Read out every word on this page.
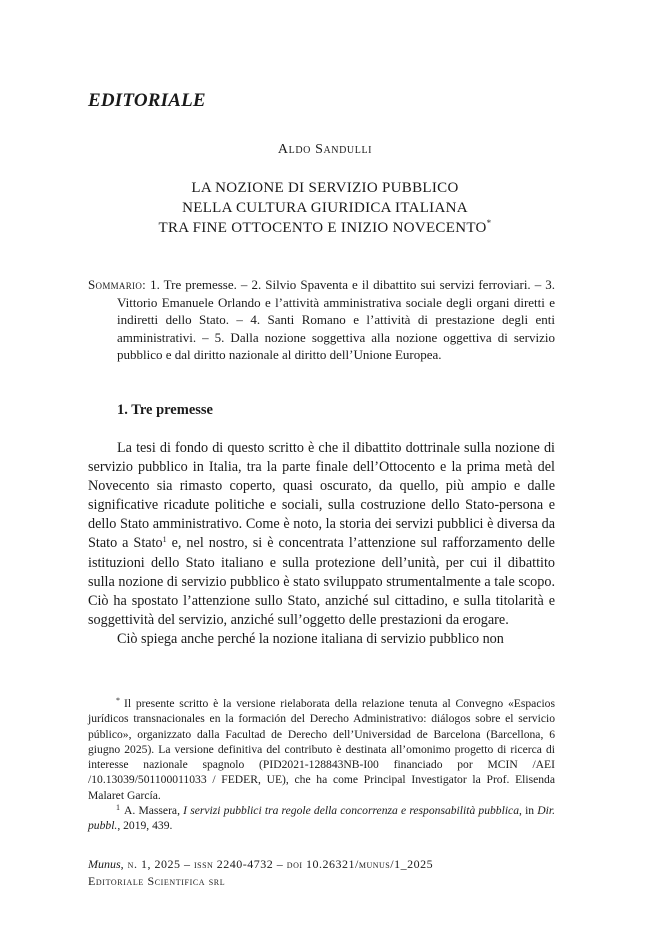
EDITORIALE
Aldo Sandulli
LA NOZIONE DI SERVIZIO PUBBLICO
NELLA CULTURA GIURIDICA ITALIANA
TRA FINE OTTOCENTO E INIZIO NOVECENTO*
Sommario: 1. Tre premesse. – 2. Silvio Spaventa e il dibattito sui servizi ferroviari. – 3. Vittorio Emanuele Orlando e l’attività amministrativa sociale degli organi diretti e indiretti dello Stato. – 4. Santi Romano e l’attività di prestazione degli enti amministrativi. – 5. Dalla nozione soggettiva alla nozione oggettiva di servizio pubblico e dal diritto nazionale al diritto dell’Unione Europea.
1. Tre premesse

La tesi di fondo di questo scritto è che il dibattito dottrinale sulla nozione di servizio pubblico in Italia, tra la parte finale dell’Ottocento e la prima metà del Novecento sia rimasto coperto, quasi oscurato, da quello, più ampio e dalle significative ricadute politiche e sociali, sulla costruzione dello Stato-persona e dello Stato amministrativo. Come è noto, la storia dei servizi pubblici è diversa da Stato a Stato$^1$ e, nel nostro, si è concentrata l’attenzione sul rafforzamento delle istituzioni dello Stato italiano e sulla protezione dell’unità, per cui il dibattito sulla nozione di servizio pubblico è stato sviluppato strumentalmente a tale scopo. Ciò ha spostato l’attenzione sullo Stato, anziché sul cittadino, e sulla titolarità e soggettività del servizio, anziché sull’oggetto delle prestazioni da erogare.

Ciò spiega anche perché la nozione italiana di servizio pubblico non

* Il presente scritto è la versione rielaborata della relazione tenuta al Convegno «Espacios jurídicos transnacionales en la formación del Derecho Administrativo: diálogos sobre el servicio público», organizzato dalla Facultad de Derecho dell’Universidad de Barcelona (Barcellona, 6 giugno 2025). La versione definitiva del contributo è destinata all’omonimo progetto di ricerca di interesse nazionale spagnolo (PID2021-128843NB-I00 financiado por MCIN /AEI /10.13039/501100011033 / FEDER, UE), che ha come Principal Investigator la Prof. Elisenda Malaret García.

$^1$ A. Massera, I servizi pubblici tra regole della concorrenza e responsabilità pubblica, in Dir. pubbl., 2019, 439.

Munus, n. 1, 2025 – issn 2240-4732 – doi 10.26321/munus/1_2025
Editoriale Scientifica srl
